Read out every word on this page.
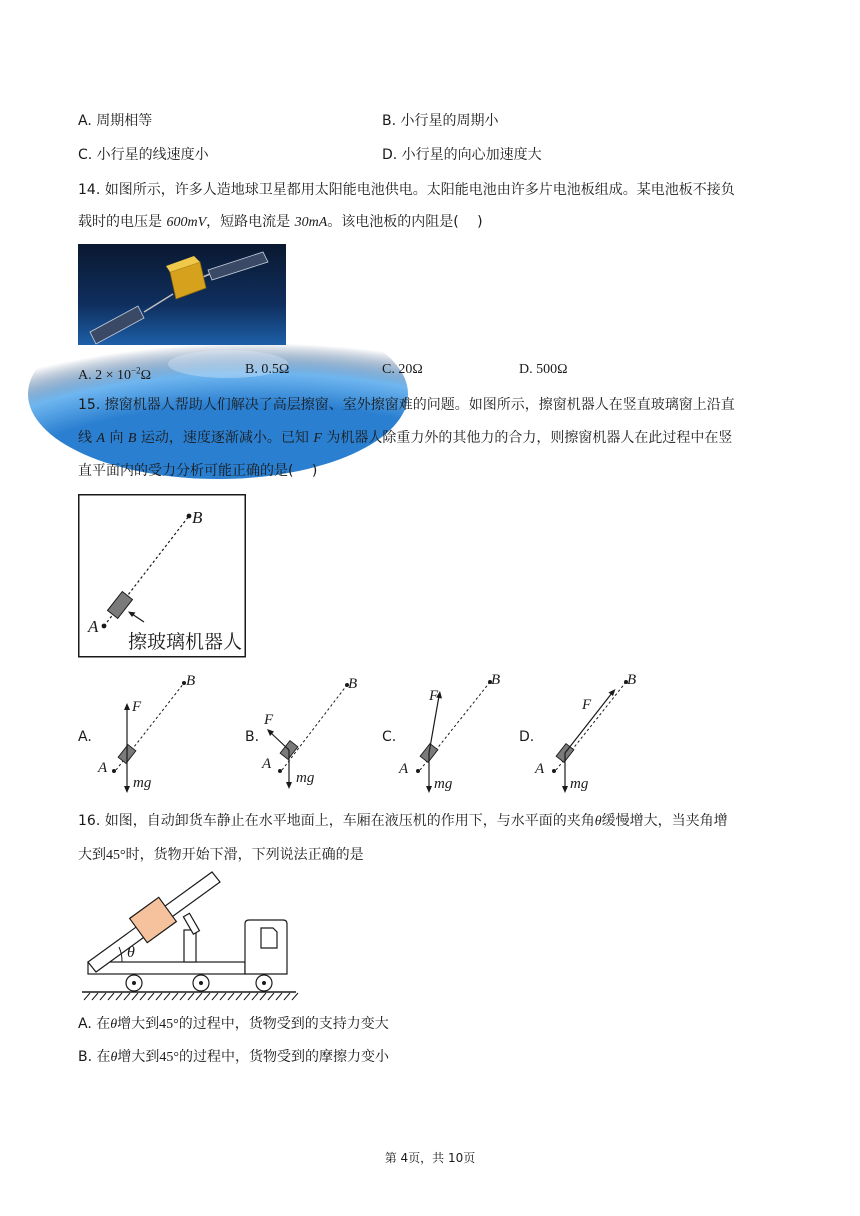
A. 周期相等	B. 小行星的周期小
C. 小行星的线速度小	D. 小行星的向心加速度大
14. 如图所示，许多人造地球卫星都用太阳能电池供电。太阳能电池由许多片电池板组成。某电池板不接负
载时的电压是 600mV，短路电流是 30mA。该电池板的内阻是(　 )
A. $2 \times 10^{-2}\Omega$	B. 0.5Ω	C. 20Ω	D. 500Ω
15. 擦窗机器人帮助人们解决了高层擦窗、室外擦窗难的问题。如图所示，擦窗机器人在竖直玻璃窗上沿直
线 A 向 B 运动，速度逐渐减小。已知 F 为机器人除重力外的其他力的合力，则擦窗机器人在此过程中在竖
直平面内的受力分析可能正确的是(　 )
B
A
擦玻璃机器人
A.	B.	C.	D.
B
A
F
mg
B
A
F
mg
B
A
F
mg
B
A
F
mg
16. 如图，自动卸货车静止在水平地面上，车厢在液压机的作用下，与水平面的夹角θ缓慢增大，当夹角增
大到45°时，货物开始下滑，下列说法正确的是
θ
A. 在θ增大到45°的过程中，货物受到的支持力变大
B. 在θ增大到45°的过程中，货物受到的摩擦力变小
第 4页，共 10页
